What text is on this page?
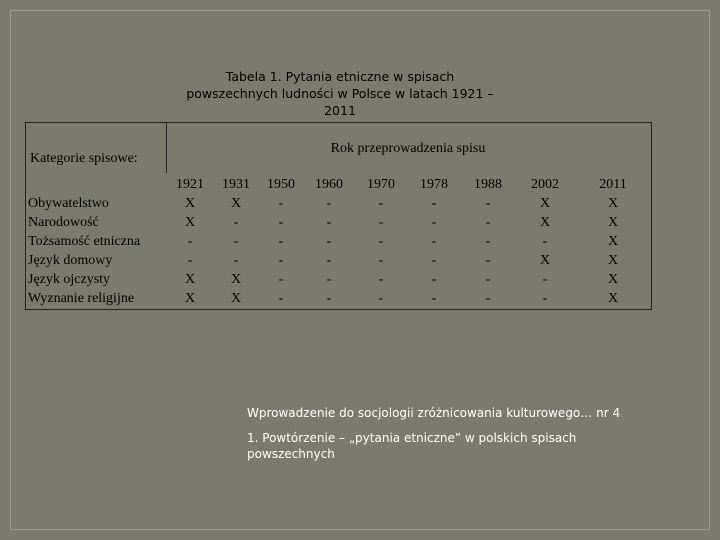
Tabela 1. Pytania etniczne w spisach
powszechnych ludności w Polsce w latach 1921 –
2011
Kategorie spisowe:
Rok przeprowadzenia spisu
1921	1931	1950	1960	1970	1978	1988	2002	2011
Obywatelstwo	X	X	-	-	-	-	-	X	X
Narodowość	X	-	-	-	-	-	-	X	X
Tożsamość etniczna	-	-	-	-	-	-	-	-	X
Język domowy	-	-	-	-	-	-	-	X	X
Język ojczysty	X	X	-	-	-	-	-	-	X
Wyznanie religijne	X	X	-	-	-	-	-	-	X
Wprowadzenie do socjologii zróżnicowania kulturowego… nr 4
1. Powtórzenie – „pytania etniczne” w polskich spisach powszechnych
